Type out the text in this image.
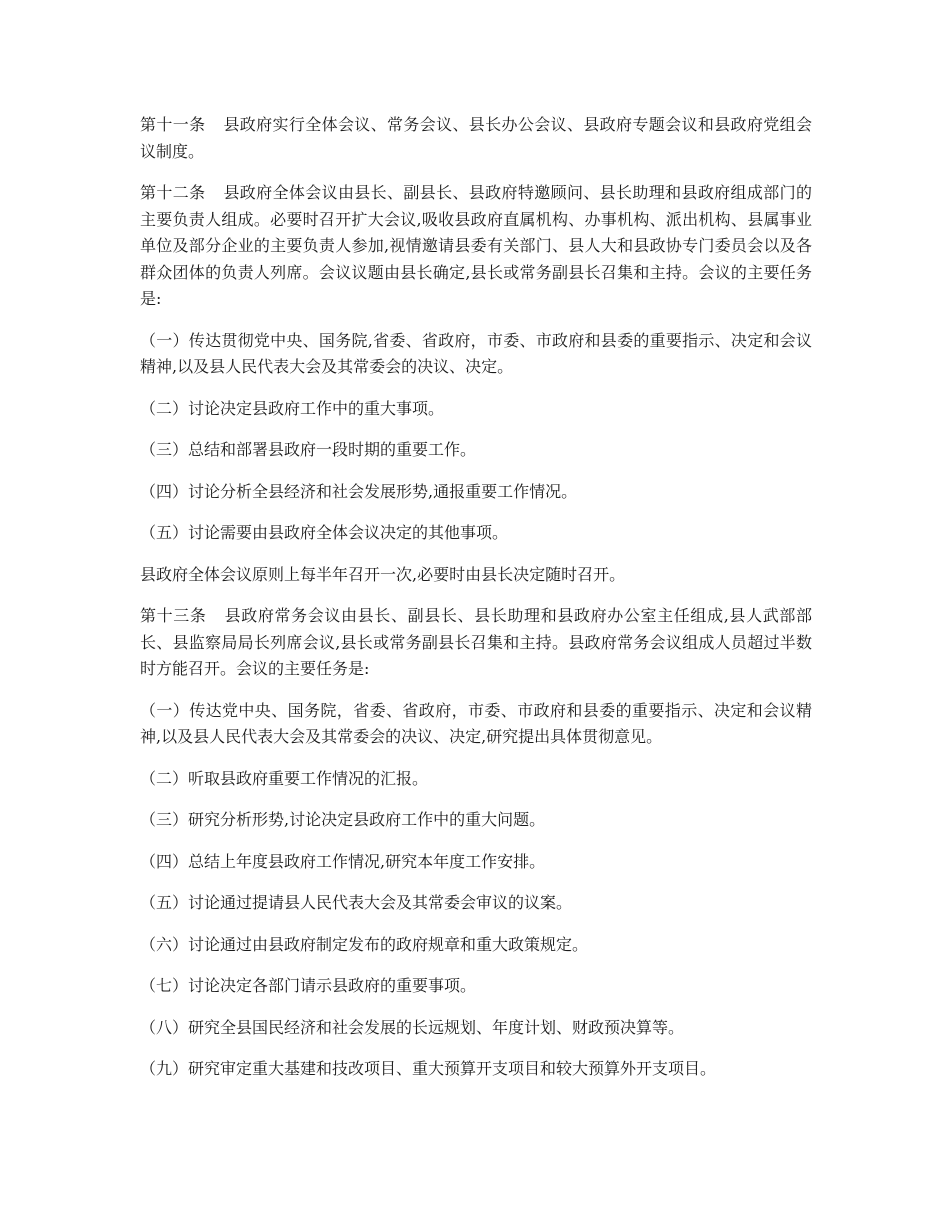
第十一条 县政府实行全体会议、常务会议、县长办公会议、县政府专题会议和县政府党组会议制度。

第十二条 县政府全体会议由县长、副县长、县政府特邀顾问、县长助理和县政府组成部门的主要负责人组成。必要时召开扩大会议,吸收县政府直属机构、办事机构、派出机构、县属事业单位及部分企业的主要负责人参加,视情邀请县委有关部门、县人大和县政协专门委员会以及各群众团体的负责人列席。会议议题由县长确定,县长或常务副县长召集和主持。会议的主要任务是:

（一）传达贯彻党中央、国务院,省委、省政府，市委、市政府和县委的重要指示、决定和会议精神,以及县人民代表大会及其常委会的决议、决定。

（二）讨论决定县政府工作中的重大事项。

（三）总结和部署县政府一段时期的重要工作。

（四）讨论分析全县经济和社会发展形势,通报重要工作情况。

（五）讨论需要由县政府全体会议决定的其他事项。

县政府全体会议原则上每半年召开一次,必要时由县长决定随时召开。

第十三条 县政府常务会议由县长、副县长、县长助理和县政府办公室主任组成,县人武部部长、县监察局局长列席会议,县长或常务副县长召集和主持。县政府常务会议组成人员超过半数时方能召开。会议的主要任务是:

（一）传达党中央、国务院，省委、省政府，市委、市政府和县委的重要指示、决定和会议精神,以及县人民代表大会及其常委会的决议、决定,研究提出具体贯彻意见。

（二）听取县政府重要工作情况的汇报。

（三）研究分析形势,讨论决定县政府工作中的重大问题。

（四）总结上年度县政府工作情况,研究本年度工作安排。

（五）讨论通过提请县人民代表大会及其常委会审议的议案。

（六）讨论通过由县政府制定发布的政府规章和重大政策规定。

（七）讨论决定各部门请示县政府的重要事项。

（八）研究全县国民经济和社会发展的长远规划、年度计划、财政预决算等。

（九）研究审定重大基建和技改项目、重大预算开支项目和较大预算外开支项目。
